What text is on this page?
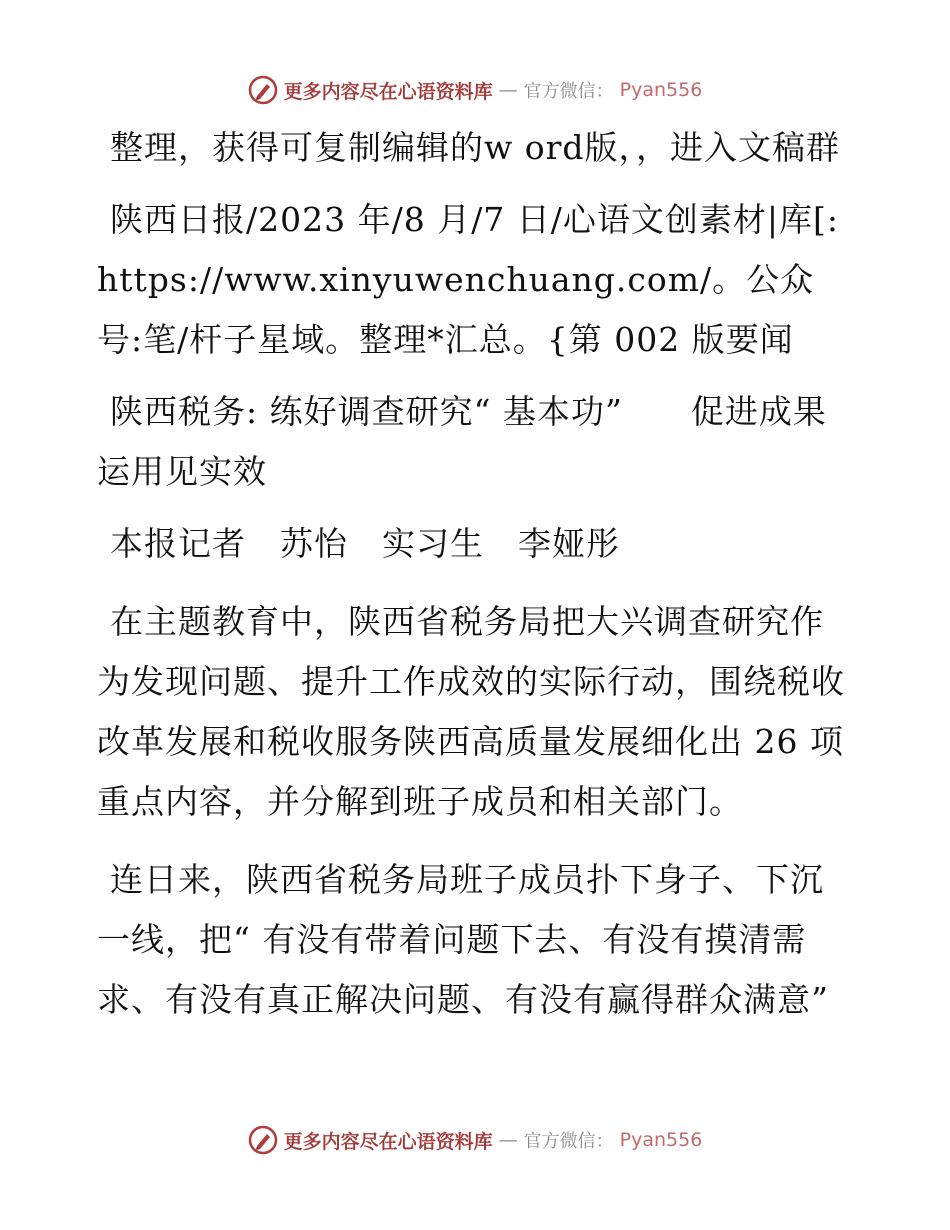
更多内容尽在心语资料库 — 官方微信： Pyan556

整理，获得可复制编辑的w ord版，，进入文稿群

陕西日报/2023 年/8 月/7 日/心语文创素材|库[: https://www.xinyuwenchuang.com/。公众号:笔/杆子星域。整理*汇总。{第 002 版要闻

陕西税务: 练好调查研究“ 基本功”　　促进成果运用见实效

本报记者　苏怡　实习生　李娅彤

在主题教育中，陕西省税务局把大兴调查研究作为发现问题、提升工作成效的实际行动，围绕税收改革发展和税收服务陕西高质量发展细化出 26 项重点内容，并分解到班子成员和相关部门。

连日来，陕西省税务局班子成员扑下身子、下沉一线，把“ 有没有带着问题下去、有没有摸清需求、有没有真正解决问题、有没有赢得群众满意”

更多内容尽在心语资料库 — 官方微信： Pyan556
